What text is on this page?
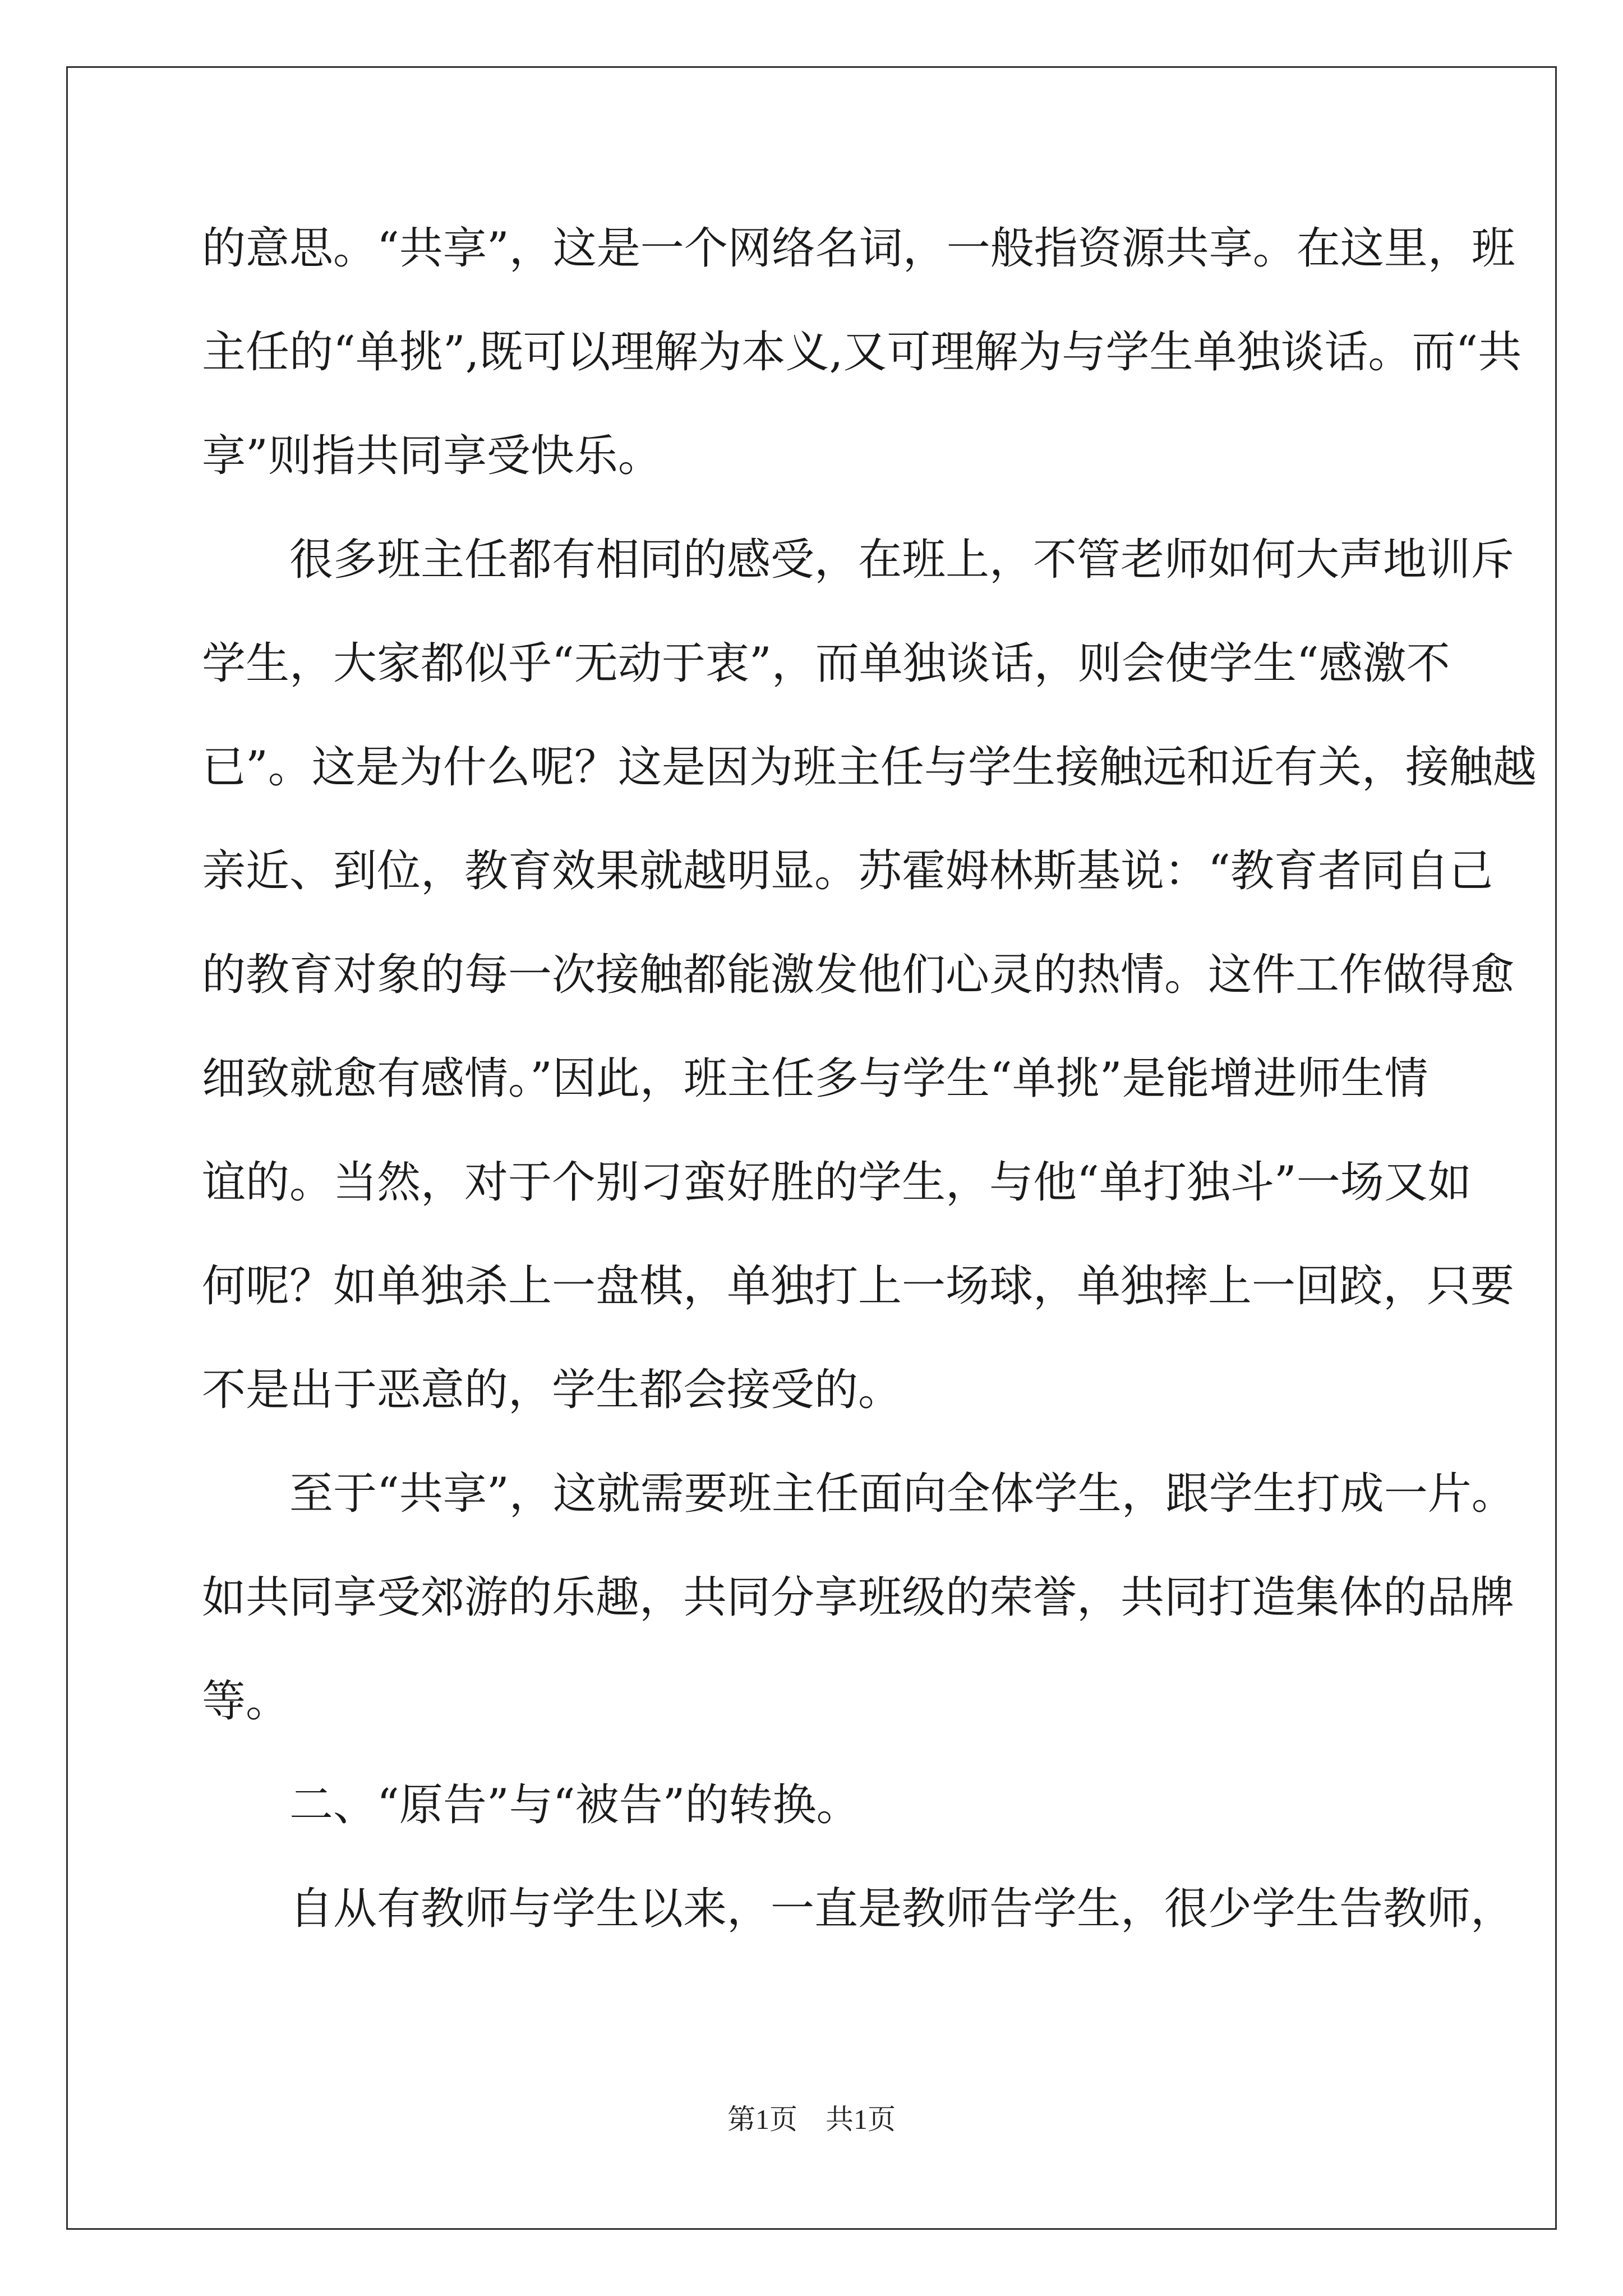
的意思。“共享”，这是一个网络名词，一般指资源共享。在这里，班
主任的“单挑”,既可以理解为本义,又可理解为与学生单独谈话。而“共
享”则指共同享受快乐。
很多班主任都有相同的感受，在班上，不管老师如何大声地训斥
学生，大家都似乎“无动于衷”，而单独谈话，则会使学生“感激不
已”。这是为什么呢？这是因为班主任与学生接触远和近有关，接触越
亲近、到位，教育效果就越明显。苏霍姆林斯基说：“教育者同自己
的教育对象的每一次接触都能激发他们心灵的热情。这件工作做得愈
细致就愈有感情。”因此，班主任多与学生“单挑”是能增进师生情
谊的。当然，对于个别刁蛮好胜的学生，与他“单打独斗”一场又如
何呢？如单独杀上一盘棋，单独打上一场球，单独摔上一回跤，只要
不是出于恶意的，学生都会接受的。
至于“共享”，这就需要班主任面向全体学生，跟学生打成一片。
如共同享受郊游的乐趣，共同分享班级的荣誉，共同打造集体的品牌
等。
二、“原告”与“被告”的转换。
自从有教师与学生以来，一直是教师告学生，很少学生告教师，
第1页　共1页
